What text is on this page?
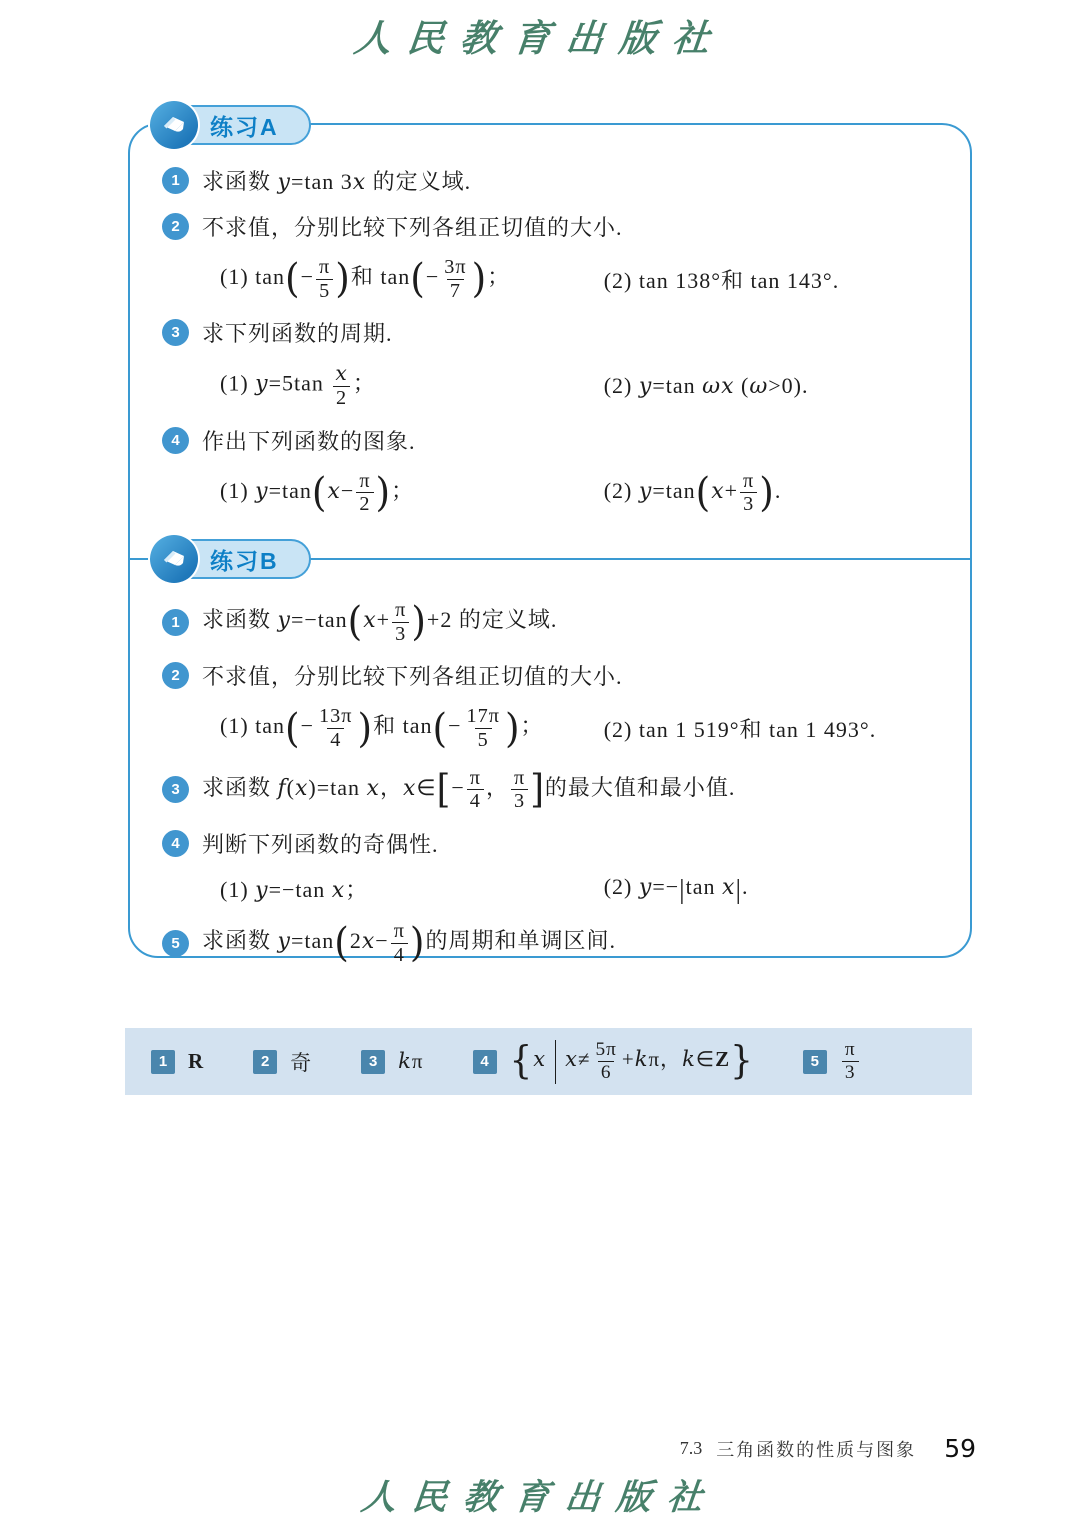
人民教育出版社
练习A
1	求函数 y=tan 3x 的定义域.
2	不求值，分别比较下列各组正切值的大小.
(1) $\tan(- \frac{\pi}{5}$ )和 $\tan(- \frac{3\pi}{7}$ )；	(2) tan 138°和 tan 143°.
3	求下列函数的周期.
(1) $y=5\tan \frac{x}{2}$ ；	(2) y=tan ωx (ω>0).
4	作出下列函数的图象.
(1) $y=\tan(x- \frac{\pi}{2}$ )；	(2) $y=\tan(x+ \frac{\pi}{3}$ ).
练习B
1	求函数 $y=-\tan(x+ \frac{\pi}{3} )+2$ 的定义域.
2	不求值，分别比较下列各组正切值的大小.
(1) $\tan(- \frac{13\pi}{4}$ )和 $\tan(- \frac{17\pi}{5}$ )；	(2) tan 1 519°和 tan 1 493°.
3	求函数 f(x)=tan x，x∈[− $\frac{\pi}{4}$ ， $\frac{\pi}{3}$ ]的最大值和最小值.
4	判断下列函数的奇偶性.
(1) y=−tan x；	(2) y=−|tan x|.
5	求函数 $y=\tan(2x- \frac{\pi}{4}$ )的周期和单调区间.
1 R	2 奇	3 kπ	4 {x $x\ne \frac{5\pi}{6} +k\pi$，k∈Z}	5	$\frac{\pi}{3}$
7.3 三角函数的性质与图象 59
人民教育出版社
